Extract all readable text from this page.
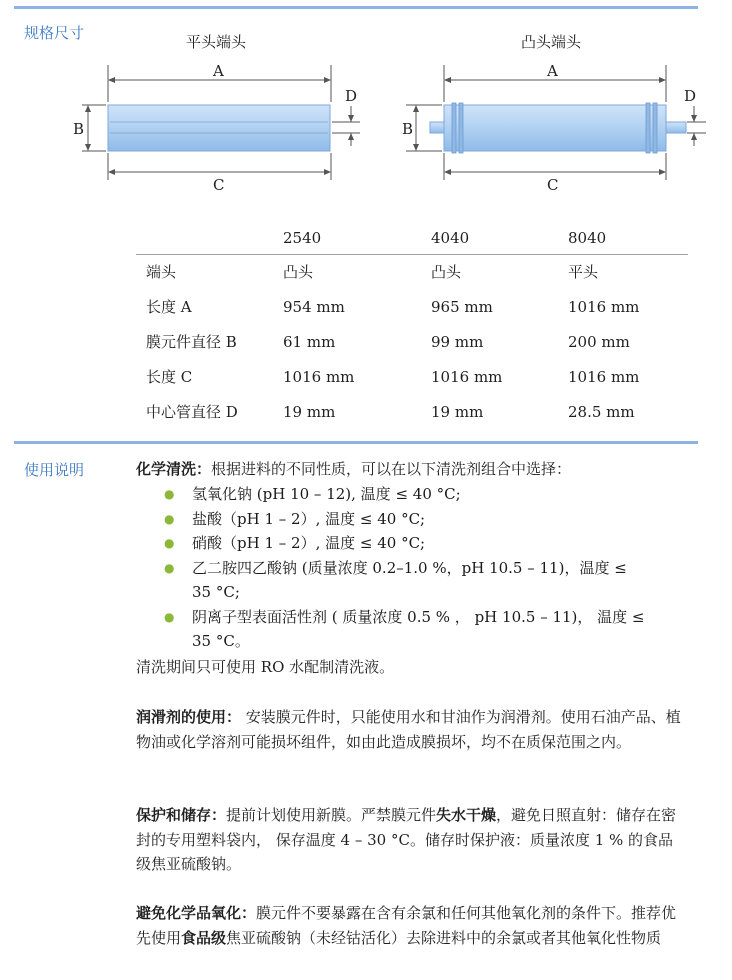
规格尺寸	平头端头	凸头端头
A
B
C
D
A
B
C
D
	2540	4040	8040
端头	凸头	凸头	平头
长度 A	954 mm	965 mm	1016 mm
膜元件直径 B	61 mm	99 mm	200 mm
长度 C	1016 mm	1016 mm	1016 mm
中心管直径 D	19 mm	19 mm	28.5 mm
使用说明	化学清洗：根据进料的不同性质，可以在以下清洗剂组合中选择：
● 氢氧化钠 (pH 10 – 12), 温度 ≤ 40 °C;
● 盐酸（pH 1 – 2）, 温度 ≤ 40 °C;
● 硝酸（pH 1 – 2）, 温度 ≤ 40 °C;
● 乙二胺四乙酸钠 (质量浓度 0.2–1.0 %，pH 10.5 – 11)，温度 ≤ 35 °C;
● 阴离子型表面活性剂 ( 质量浓度 0.5 % ， pH 10.5 – 11)， 温度 ≤ 35 °C。
清洗期间只可使用 RO 水配制清洗液。
润滑剂的使用： 安装膜元件时，只能使用水和甘油作为润滑剂。使用石油产品、植物油或化学溶剂可能损坏组件，如由此造成膜损坏，均不在质保范围之内。
保护和储存：提前计划使用新膜。严禁膜元件失水干燥，避免日照直射：储存在密封的专用塑料袋内， 保存温度 4 – 30 °C。储存时保护液：质量浓度 1 % 的食品级焦亚硫酸钠。
避免化学品氧化：膜元件不要暴露在含有余氯和任何其他氧化剂的条件下。推荐优先使用食品级焦亚硫酸钠（未经钴活化）去除进料中的余氯或者其他氧化性物质
